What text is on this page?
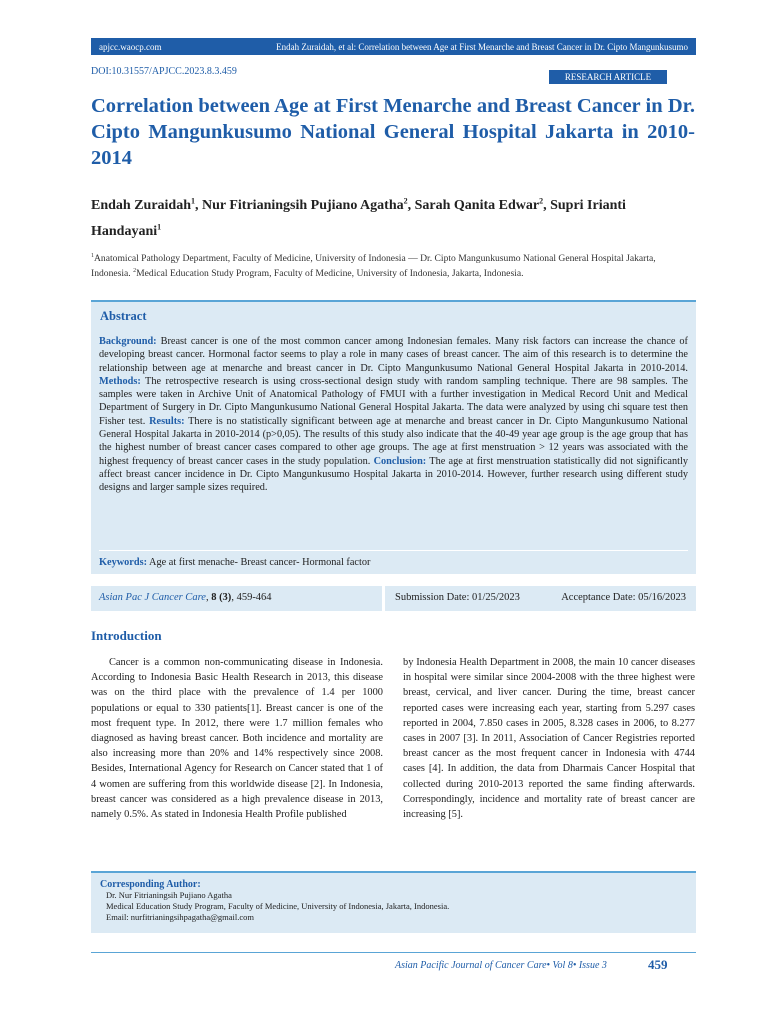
apjcc.waocp.com	Endah Zuraidah, et al: Correlation between Age at First Menarche and Breast Cancer in Dr. Cipto Mangunkusumo
DOI:10.31557/APJCC.2023.8.3.459	RESEARCH ARTICLE
Correlation between Age at First Menarche and Breast Cancer in Dr. Cipto Mangunkusumo National General Hospital Jakarta in 2010-2014
Endah Zuraidah$^1$, Nur Fitrianingsih Pujiano Agatha$^2$, Sarah Qanita Edwar$^2$, Supri Irianti Handayani$^1$
$^1$Anatomical Pathology Department, Faculty of Medicine, University of Indonesia — Dr. Cipto Mangunkusumo National General Hospital Jakarta, Indonesia. $^2$Medical Education Study Program, Faculty of Medicine, University of Indonesia, Jakarta, Indonesia.
Abstract
Background: Breast cancer is one of the most common cancer among Indonesian females. Many risk factors can increase the chance of developing breast cancer. Hormonal factor seems to play a role in many cases of breast cancer. The aim of this research is to determine the relationship between age at menarche and breast cancer in Dr. Cipto Mangunkusumo National General Hospital Jakarta in 2010-2014. Methods: The retrospective research is using cross-sectional design study with random sampling technique. There are 98 samples. The samples were taken in Archive Unit of Anatomical Pathology of FMUI with a further investigation in Medical Record Unit and Medical Department of Surgery in Dr. Cipto Mangunkusumo National General Hospital Jakarta. The data were analyzed by using chi square test then Fisher test. Results: There is no statistically significant between age at menarche and breast cancer in Dr. Cipto Mangunkusumo National General Hospital Jakarta in 2010-2014 (p>0,05). The results of this study also indicate that the 40-49 year age group is the age group that has the highest number of breast cancer cases compared to other age groups. The age at first menstruation > 12 years was associated with the highest frequency of breast cancer cases in the study population. Conclusion: The age at first menstruation statistically did not significantly affect breast cancer incidence in Dr. Cipto Mangunkusumo Hospital Jakarta in 2010-2014. However, further research using different study designs and larger sample sizes required.
Keywords: Age at first menache- Breast cancer- Hormonal factor
Asian Pac J Cancer Care, 8 (3), 459-464	Submission Date: 01/25/2023	Acceptance Date: 05/16/2023
Introduction

Cancer is a common non-communicating disease in Indonesia. According to Indonesia Basic Health Research in 2013, this disease was on the third place with the prevalence of 1.4 per 1000 populations or equal to 330 patients[1]. Breast cancer is one of the most frequent type. In 2012, there were 1.7 million females who diagnosed as having breast cancer. Both incidence and mortality are also increasing more than 20% and 14% respectively since 2008. Besides, International Agency for Research on Cancer stated that 1 of 4 women are suffering from this worldwide disease [2]. In Indonesia, breast cancer was considered as a high prevalence disease in 2013, namely 0.5%. As stated in Indonesia Health Profile published

by Indonesia Health Department in 2008, the main 10 cancer diseases in hospital were similar since 2004-2008 with the three highest were breast, cervical, and liver cancer. During the time, breast cancer reported cases were increasing each year, starting from 5.297 cases reported in 2004, 7.850 cases in 2005, 8.328 cases in 2006, to 8.277 cases in 2007 [3]. In 2011, Association of Cancer Registries reported breast cancer as the most frequent cancer in Indonesia with 4744 cases [4]. In addition, the data from Dharmais Cancer Hospital that collected during 2010-2013 reported the same finding afterwards. Correspondingly, incidence and mortality rate of breast cancer are increasing [5].

Corresponding Author:
Dr. Nur Fitrianingsih Pujiano Agatha
Medical Education Study Program, Faculty of Medicine, University of Indonesia, Jakarta, Indonesia.
Email: nurfitrianingsihpagatha@gmail.com
Asian Pacific Journal of Cancer Care• Vol 8• Issue 3	459
